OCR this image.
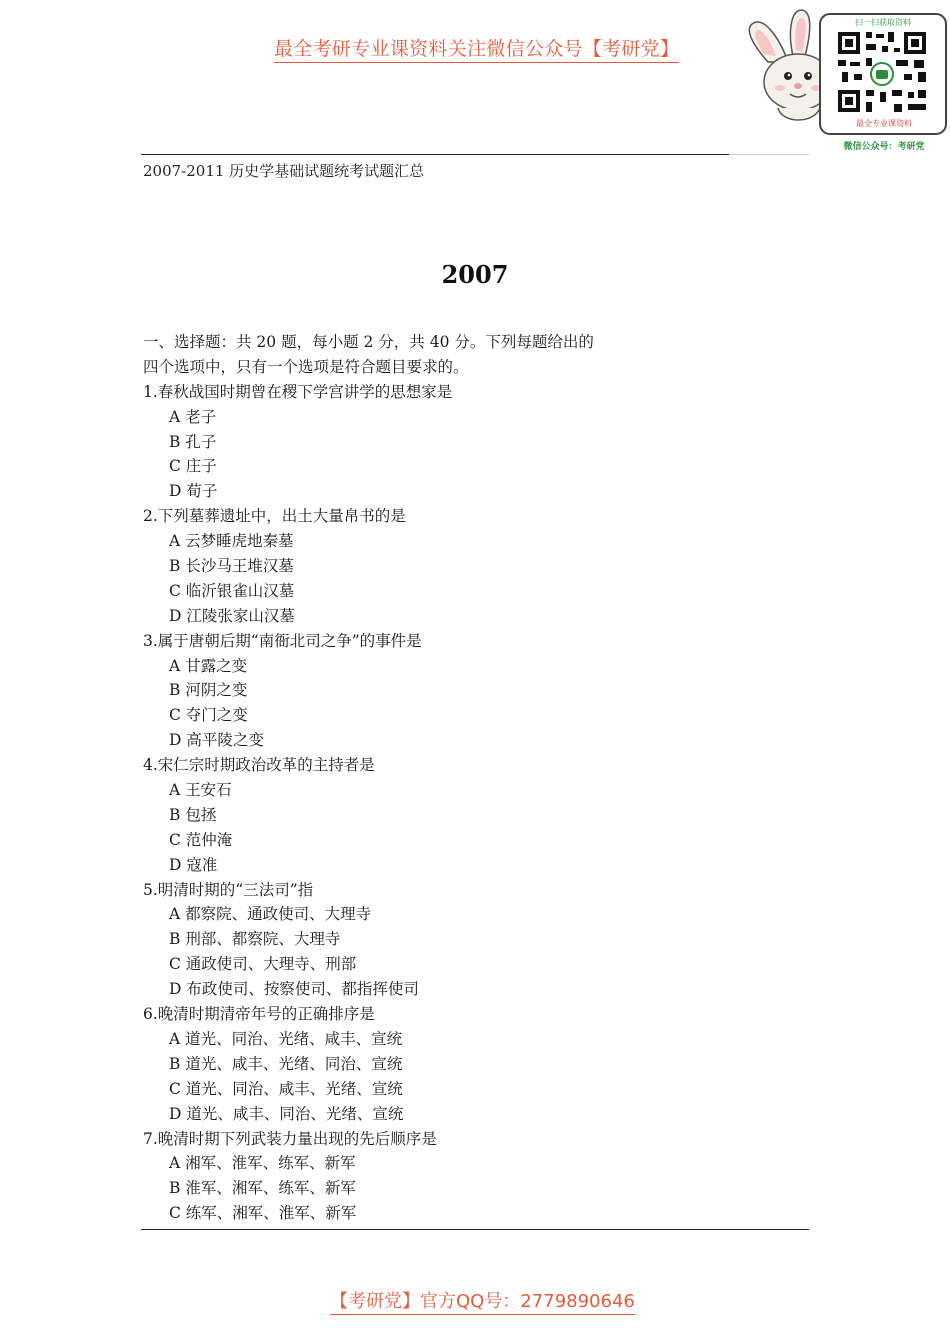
最全考研专业课资料关注微信公众号【考研党】
扫一扫获取资料
最全专业课资料
微信公众号：考研党
2007-2011 历史学基础试题统考试题汇总
2007
一、选择题：共 20 题，每小题 2 分，共 40 分。下列每题给出的
四个选项中，只有一个选项是符合题目要求的。
1.春秋战国时期曾在稷下学宫讲学的思想家是
A 老子
B 孔子
C 庄子
D 荀子
2.下列墓葬遗址中，出土大量帛书的是
A 云梦睡虎地秦墓
B 长沙马王堆汉墓
C 临沂银雀山汉墓
D 江陵张家山汉墓
3.属于唐朝后期“南衙北司之争”的事件是
A 甘露之变
B 河阴之变
C 夺门之变
D 高平陵之变
4.宋仁宗时期政治改革的主持者是
A 王安石
B 包拯
C 范仲淹
D 寇准
5.明清时期的“三法司”指
A 都察院、通政使司、大理寺
B 刑部、都察院、大理寺
C 通政使司、大理寺、刑部
D 布政使司、按察使司、都指挥使司
6.晚清时期清帝年号的正确排序是
A 道光、同治、光绪、咸丰、宣统
B 道光、咸丰、光绪、同治、宣统
C 道光、同治、咸丰、光绪、宣统
D 道光、咸丰、同治、光绪、宣统
7.晚清时期下列武装力量出现的先后顺序是
A 湘军、淮军、练军、新军
B 淮军、湘军、练军、新军
C 练军、湘军、淮军、新军
【考研党】官方QQ号：2779890646
